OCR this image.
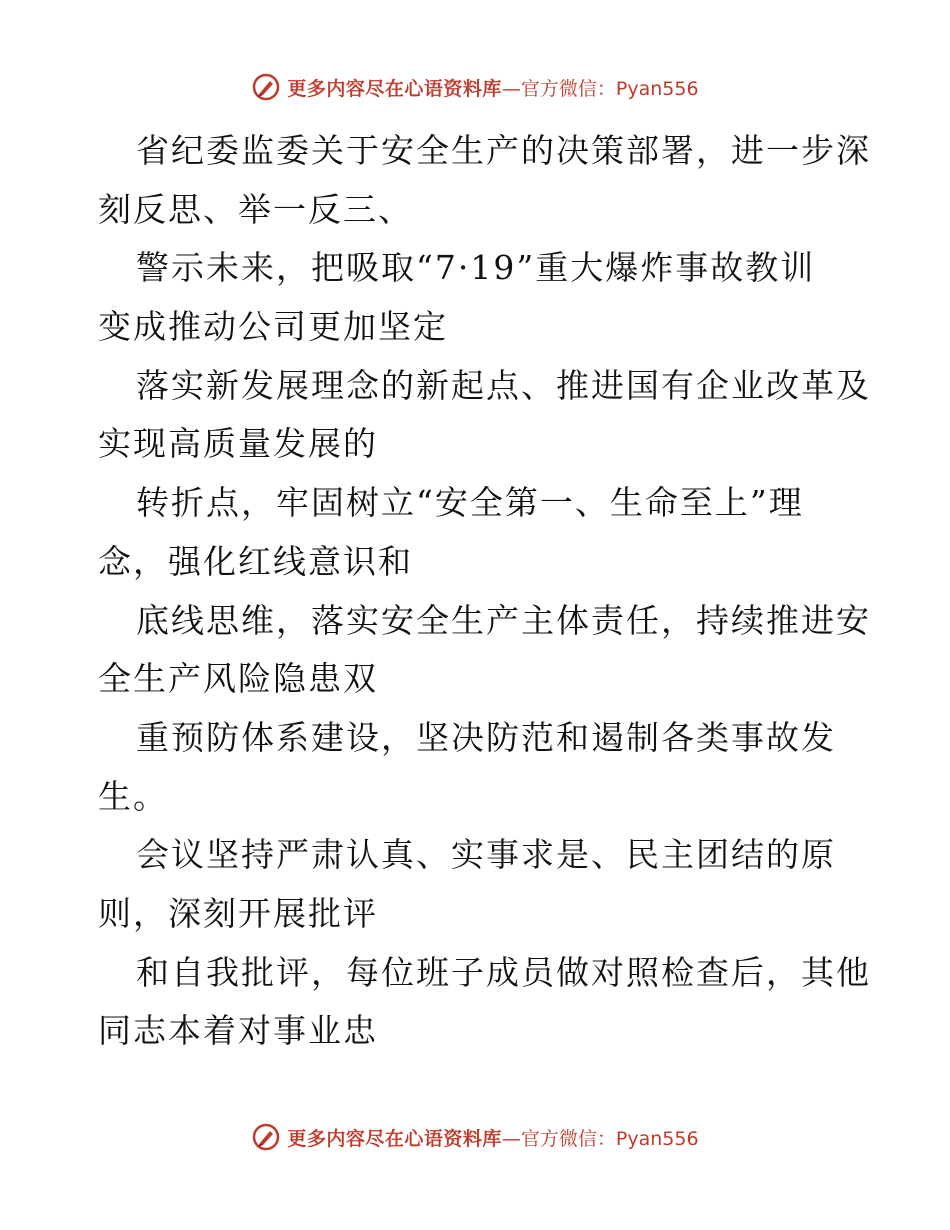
更多内容尽在心语资料库 —官方微信：Pyan556
省纪委监委关于安全生产的决策部署，进一步深
刻反思、举一反三、
警示未来，把吸取“7·19”重大爆炸事故教训
变成推动公司更加坚定
落实新发展理念的新起点、推进国有企业改革及
实现高质量发展的
转折点，牢固树立“安全第一、生命至上”理
念，强化红线意识和
底线思维，落实安全生产主体责任，持续推进安
全生产风险隐患双
重预防体系建设，坚决防范和遏制各类事故发
生。
会议坚持严肃认真、实事求是、民主团结的原
则，深刻开展批评
和自我批评，每位班子成员做对照检查后，其他
同志本着对事业忠
更多内容尽在心语资料库 —官方微信：Pyan556
